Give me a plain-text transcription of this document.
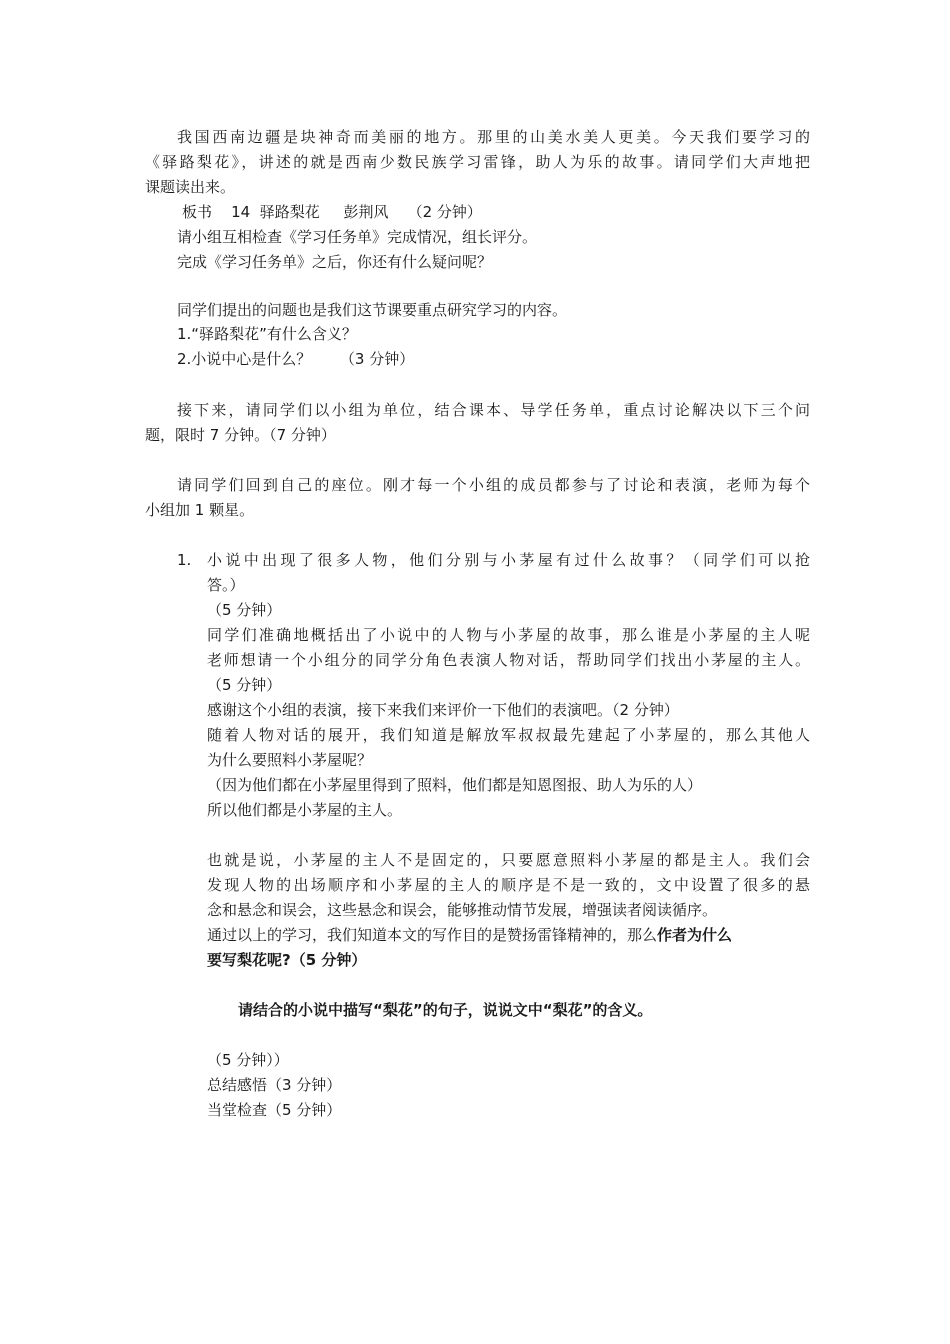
我国西南边疆是块神奇而美丽的地方。那里的山美水美人更美。今天我们要学习的
《驿路梨花》，讲述的就是西南少数民族学习雷锋，助人为乐的故事。请同学们大声地把
课题读出来。
板书    14  驿路梨花     彭荆风    （2 分钟）
请小组互相检查《学习任务单》完成情况，组长评分。
完成《学习任务单》之后，你还有什么疑问呢？
同学们提出的问题也是我们这节课要重点研究学习的内容。
1.“驿路梨花”有什么含义？
2.小说中心是什么？      （3 分钟）
接下来，请同学们以小组为单位，结合课本、导学任务单，重点讨论解决以下三个问
题，限时 7 分钟。（7 分钟）
请同学们回到自己的座位。刚才每一个小组的成员都参与了讨论和表演，老师为每个
小组加 1 颗星。
1. 小说中出现了很多人物，他们分别与小茅屋有过什么故事？（同学们可以抢
答。）
（5 分钟）
同学们准确地概括出了小说中的人物与小茅屋的故事，那么谁是小茅屋的主人呢
老师想请一个小组分的同学分角色表演人物对话，帮助同学们找出小茅屋的主人。
（5 分钟）
感谢这个小组的表演，接下来我们来评价一下他们的表演吧。（2 分钟）
随着人物对话的展开，我们知道是解放军叔叔最先建起了小茅屋的，那么其他人
为什么要照料小茅屋呢？
（因为他们都在小茅屋里得到了照料，他们都是知恩图报、助人为乐的人）
所以他们都是小茅屋的主人。
也就是说，小茅屋的主人不是固定的，只要愿意照料小茅屋的都是主人。我们会
发现人物的出场顺序和小茅屋的主人的顺序是不是一致的，文中设置了很多的悬
念和悬念和误会，这些悬念和误会，能够推动情节发展，增强读者阅读循序。
通过以上的学习，我们知道本文的写作目的是赞扬雷锋精神的，那么作者为什么
要写梨花呢?（5 分钟）
请结合的小说中描写“梨花”的句子，说说文中“梨花”的含义。
（5 分钟））
总结感悟（3 分钟）
当堂检查（5 分钟）
